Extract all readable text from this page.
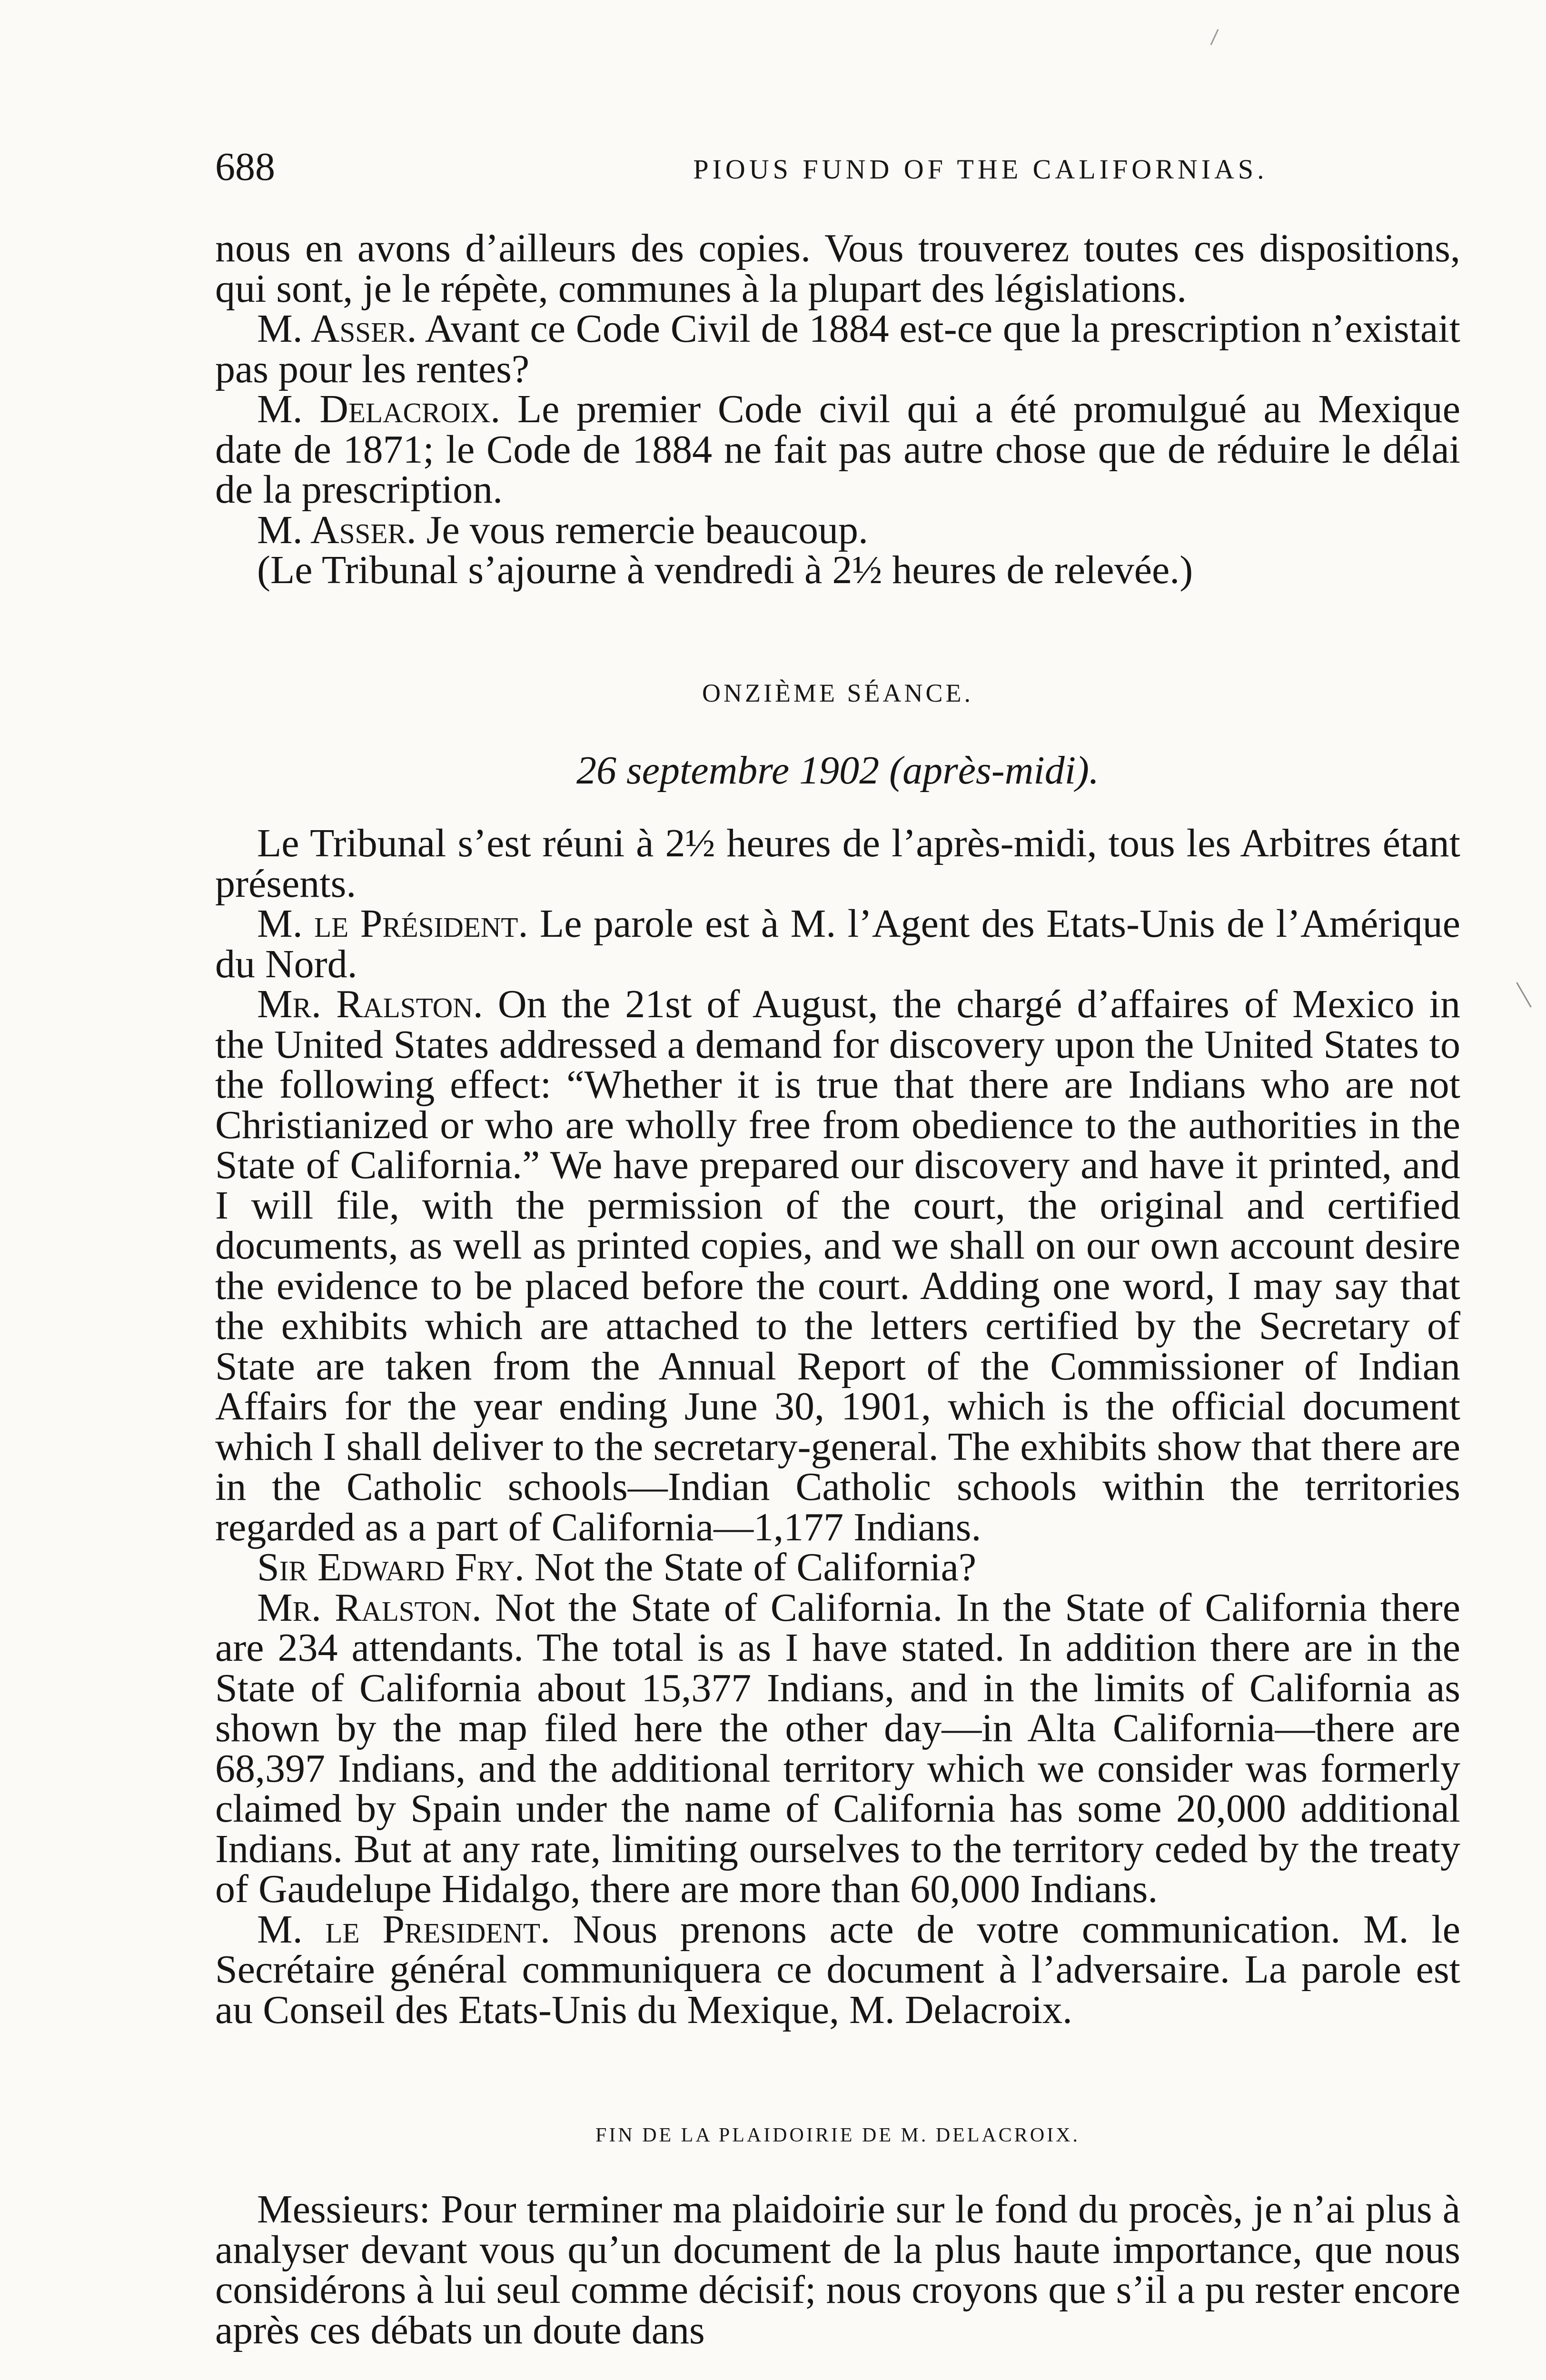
688	PIOUS FUND OF THE CALIFORNIAS.

nous en avons d’ailleurs des copies. Vous trouverez toutes ces dispositions, qui sont, je le répète, communes à la plupart des législations.

M. Asser. Avant ce Code Civil de 1884 est-ce que la prescription n’existait pas pour les rentes?

M. Delacroix. Le premier Code civil qui a été promulgué au Mexique date de 1871; le Code de 1884 ne fait pas autre chose que de réduire le délai de la prescription.

M. Asser. Je vous remercie beaucoup.

(Le Tribunal s’ajourne à vendredi à 2½ heures de relevée.)

ONZIÈME SÉANCE.
26 septembre 1902 (après-midi).

Le Tribunal s’est réuni à 2½ heures de l’après-midi, tous les Arbitres étant présents.

M. le Président. Le parole est à M. l’Agent des Etats-Unis de l’Amérique du Nord.

Mr. Ralston. On the 21st of August, the chargé d’affaires of Mexico in the United States addressed a demand for discovery upon the United States to the following effect: “Whether it is true that there are Indians who are not Christianized or who are wholly free from obedience to the authorities in the State of California.” We have prepared our discovery and have it printed, and I will file, with the permission of the court, the original and certified documents, as well as printed copies, and we shall on our own account desire the evidence to be placed before the court. Adding one word, I may say that the exhibits which are attached to the letters certified by the Secretary of State are taken from the Annual Report of the Commissioner of Indian Affairs for the year ending June 30, 1901, which is the official document which I shall deliver to the secretary-general. The exhibits show that there are in the Catholic schools—Indian Catholic schools within the territories regarded as a part of California—1,177 Indians.

Sir Edward Fry. Not the State of California?

Mr. Ralston. Not the State of California. In the State of California there are 234 attendants. The total is as I have stated. In addition there are in the State of California about 15,377 Indians, and in the limits of California as shown by the map filed here the other day—in Alta California—there are 68,397 Indians, and the additional territory which we consider was formerly claimed by Spain under the name of California has some 20,000 additional Indians. But at any rate, limiting ourselves to the territory ceded by the treaty of Gaudelupe Hidalgo, there are more than 60,000 Indians.

M. le President. Nous prenons acte de votre communication. M. le Secrétaire général communiquera ce document à l’adversaire. La parole est au Conseil des Etats-Unis du Mexique, M. Delacroix.

FIN DE LA PLAIDOIRIE DE M. DELACROIX.

Messieurs: Pour terminer ma plaidoirie sur le fond du procès, je n’ai plus à analyser devant vous qu’un document de la plus haute importance, que nous considérons à lui seul comme décisif; nous croyons que s’il a pu rester encore après ces débats un doute dans
